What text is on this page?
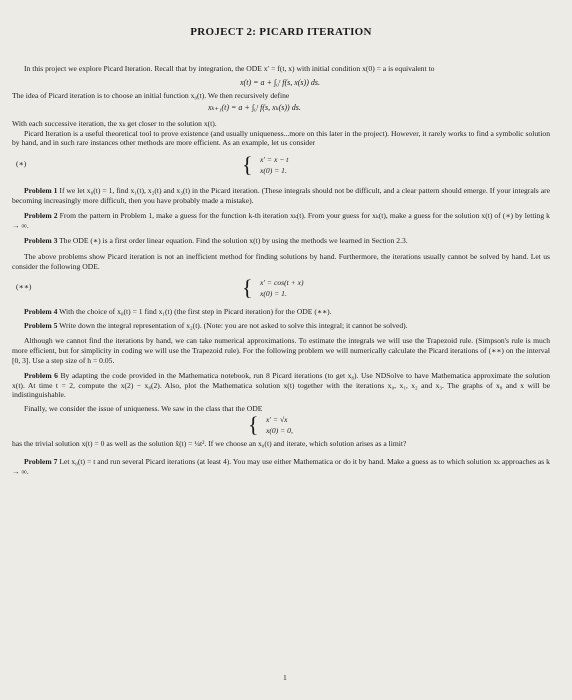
PROJECT 2: PICARD ITERATION

In this project we explore Picard Iteration. Recall that by integration, the ODE x′ = f(t, x) with initial condition x(0) = a is equivalent to

x(t) = a + ∫₀ᵗ f(s, x(s)) ds.

The idea of Picard iteration is to choose an initial function x₀(t). We then recursively define

xₖ₊₁(t) = a + ∫₀ᵗ f(s, xₖ(s)) ds.

With each successive iteration, the xₖ get closer to the solution x(t).

Picard Iteration is a useful theoretical tool to prove existence (and usually uniqueness...more on this later in the project). However, it rarely works to find a symbolic solution by hand, and in such rare instances other methods are more efficient. As an example, let us consider

(∗)	{ x′ = x − t
x(0) = 1.

Problem 1 If we let x₀(t) = 1, find x₁(t), x₂(t) and x₃(t) in the Picard iteration. (These integrals should not be difficult, and a clear pattern should emerge. If your integrals are becoming increasingly more difficult, then you have probably made a mistake).

Problem 2 From the pattern in Problem 1, make a guess for the function k-th iteration xₖ(t). From your guess for xₖ(t), make a guess for the solution x(t) of (∗) by letting k → ∞.

Problem 3 The ODE (∗) is a first order linear equation. Find the solution x(t) by using the methods we learned in Section 2.3.

The above problems show Picard iteration is not an inefficient method for finding solutions by hand. Furthermore, the iterations usually cannot be solved by hand. Let us consider the following ODE.

(∗∗)	{ x′ = cos(t + x)
x(0) = 1.

Problem 4 With the choice of x₀(t) = 1 find x₁(t) (the first step in Picard iteration) for the ODE (∗∗).

Problem 5 Write down the integral representation of x₂(t). (Note: you are not asked to solve this integral; it cannot be solved).

Although we cannot find the iterations by hand, we can take numerical approximations. To estimate the integrals we will use the Trapezoid rule. (Simpson's rule is much more efficient, but for simplicity in coding we will use the Trapezoid rule). For the following problem we will numerically calculate the Picard iterations of (∗∗) on the interval [0, 3]. Use a step size of h = 0.05.

Problem 6 By adapting the code provided in the Mathematica notebook, run 8 Picard iterations (to get x₈). Use NDSolve to have Mathematica approximate the solution x(t). At time t = 2, compute the x(2) − x₈(2). Also, plot the Mathematica solution x(t) together with the iterations x₀, x₁, x₂ and x₃. The graphs of x₈ and x will be indistinguishable.

Finally, we consider the issue of uniqueness. We saw in the class that the ODE

{ x′ = √x
x(0) = 0,

has the trivial solution x(t) = 0 as well as the solution x̃(t) = ¼t². If we choose an x₀(t) and iterate, which solution arises as a limit?

Problem 7 Let x₀(t) = t and run several Picard iterations (at least 4). You may use either Mathematica or do it by hand. Make a guess as to which solution xₖ approaches as k → ∞.

1
